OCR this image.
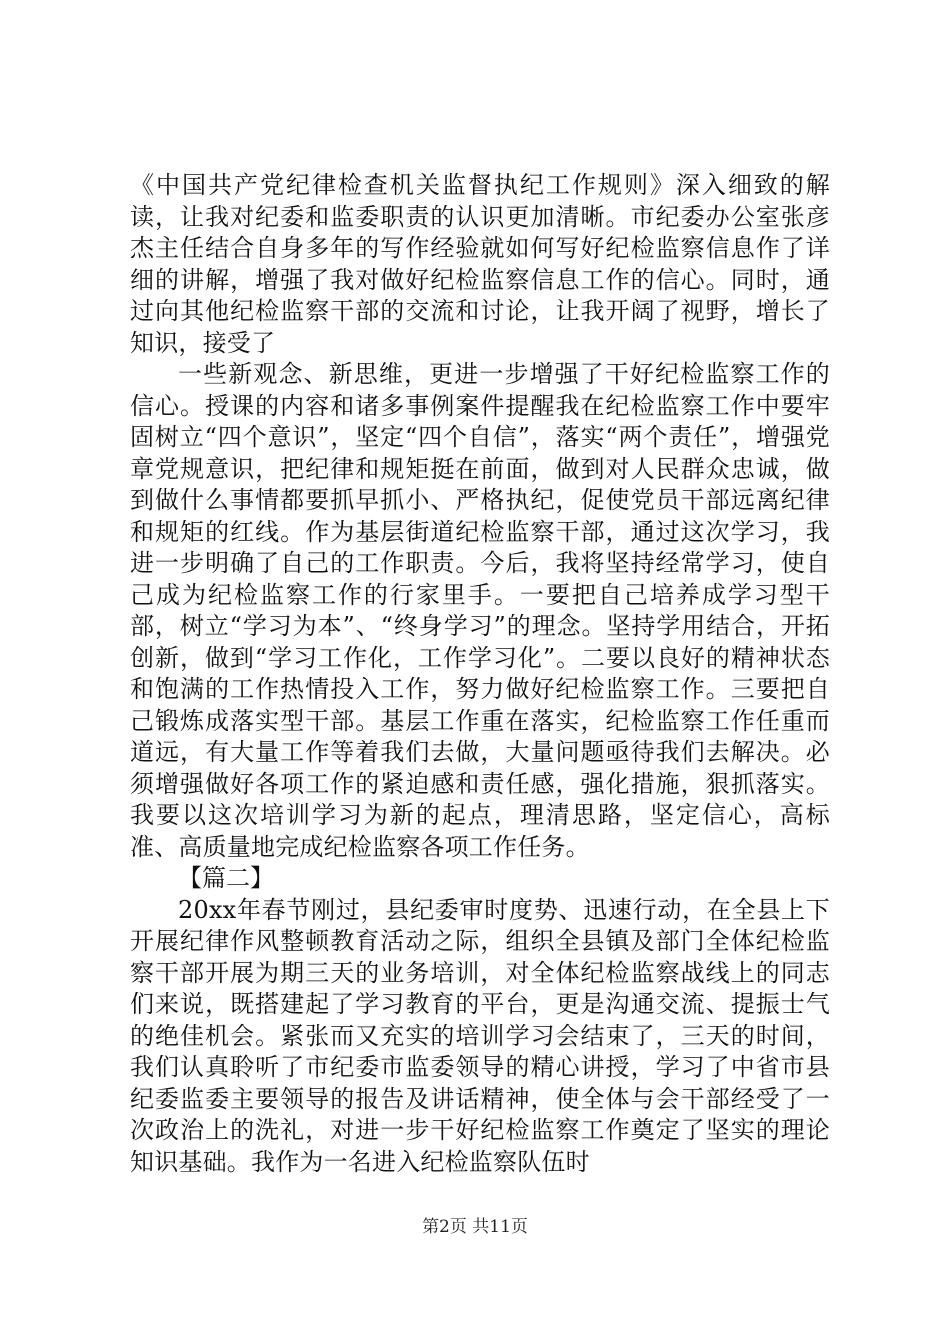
《中国共产党纪律检查机关监督执纪工作规则》深入细致的解读，让我对纪委和监委职责的认识更加清晰。市纪委办公室张彦杰主任结合自身多年的写作经验就如何写好纪检监察信息作了详细的讲解，增强了我对做好纪检监察信息工作的信心。同时，通过向其他纪检监察干部的交流和讨论，让我开阔了视野，增长了知识，接受了

一些新观念、新思维，更进一步增强了干好纪检监察工作的信心。授课的内容和诸多事例案件提醒我在纪检监察工作中要牢固树立“四个意识”，坚定“四个自信”，落实“两个责任”，增强党章党规意识，把纪律和规矩挺在前面，做到对人民群众忠诚，做到做什么事情都要抓早抓小、严格执纪，促使党员干部远离纪律和规矩的红线。作为基层街道纪检监察干部，通过这次学习，我进一步明确了自己的工作职责。今后，我将坚持经常学习，使自己成为纪检监察工作的行家里手。一要把自己培养成学习型干部，树立“学习为本”、“终身学习”的理念。坚持学用结合，开拓创新，做到“学习工作化，工作学习化”。二要以良好的精神状态和饱满的工作热情投入工作，努力做好纪检监察工作。三要把自己锻炼成落实型干部。基层工作重在落实，纪检监察工作任重而道远，有大量工作等着我们去做，大量问题亟待我们去解决。必须增强做好各项工作的紧迫感和责任感，强化措施，狠抓落实。我要以这次培训学习为新的起点，理清思路，坚定信心，高标准、高质量地完成纪检监察各项工作任务。

【篇二】

20xx年春节刚过，县纪委审时度势、迅速行动，在全县上下开展纪律作风整顿教育活动之际，组织全县镇及部门全体纪检监察干部开展为期三天的业务培训，对全体纪检监察战线上的同志们来说，既搭建起了学习教育的平台，更是沟通交流、提振士气的绝佳机会。紧张而又充实的培训学习会结束了，三天的时间，我们认真聆听了市纪委市监委领导的精心讲授，学习了中省市县纪委监委主要领导的报告及讲话精神，使全体与会干部经受了一次政治上的洗礼，对进一步干好纪检监察工作奠定了坚实的理论知识基础。我作为一名进入纪检监察队伍时

第2页 共11页
